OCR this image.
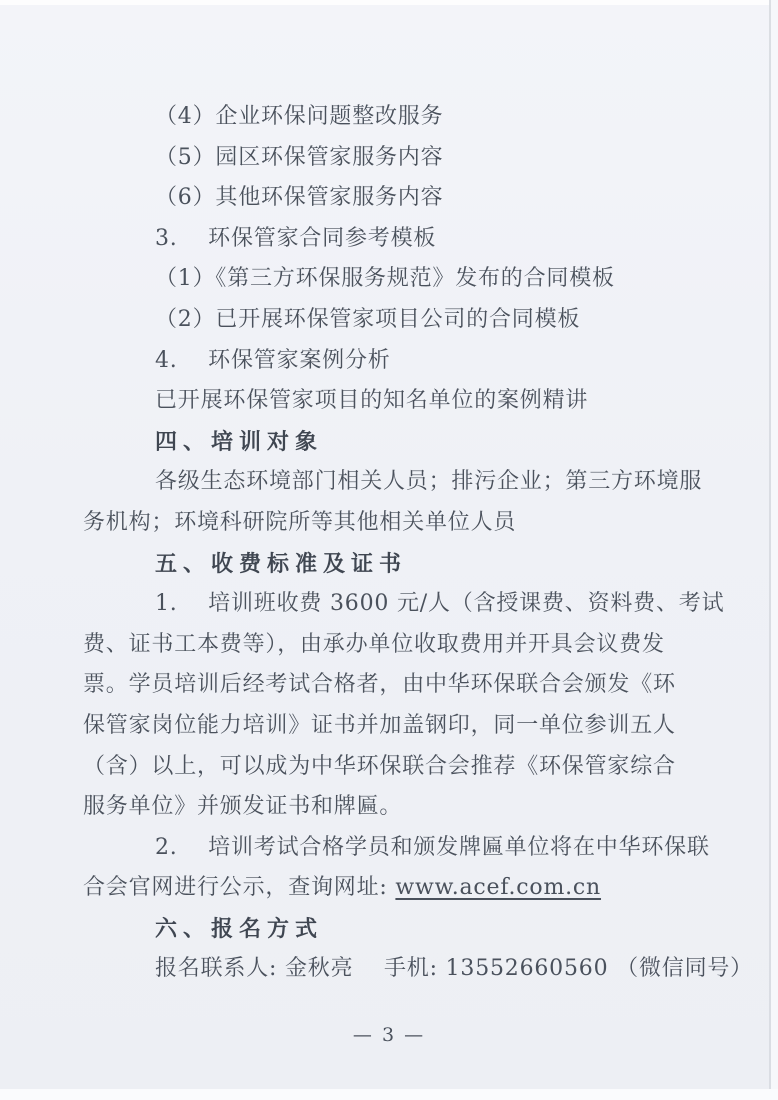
（4）企业环保问题整改服务
（5）园区环保管家服务内容
（6）其他环保管家服务内容
3.　 环保管家合同参考模板
（1）《第三方环保服务规范》发布的合同模板
（2）已开展环保管家项目公司的合同模板
4.　 环保管家案例分析
已开展环保管家项目的知名单位的案例精讲
四、培训对象
各级生态环境部门相关人员；排污企业；第三方环境服
务机构；环境科研院所等其他相关单位人员
五、收费标准及证书
1.　 培训班收费 3600 元/人（含授课费、资料费、考试
费、证书工本费等），由承办单位收取费用并开具会议费发
票。学员培训后经考试合格者，由中华环保联合会颁发《环
保管家岗位能力培训》证书并加盖钢印，同一单位参训五人
（含）以上，可以成为中华环保联合会推荐《环保管家综合
服务单位》并颁发证书和牌匾。
2.　 培训考试合格学员和颁发牌匾单位将在中华环保联
合会官网进行公示，查询网址: www.acef.com.cn
六、报名方式
报名联系人: 金秋亮　 手机: 13552660560 （微信同号）
— 3 —
